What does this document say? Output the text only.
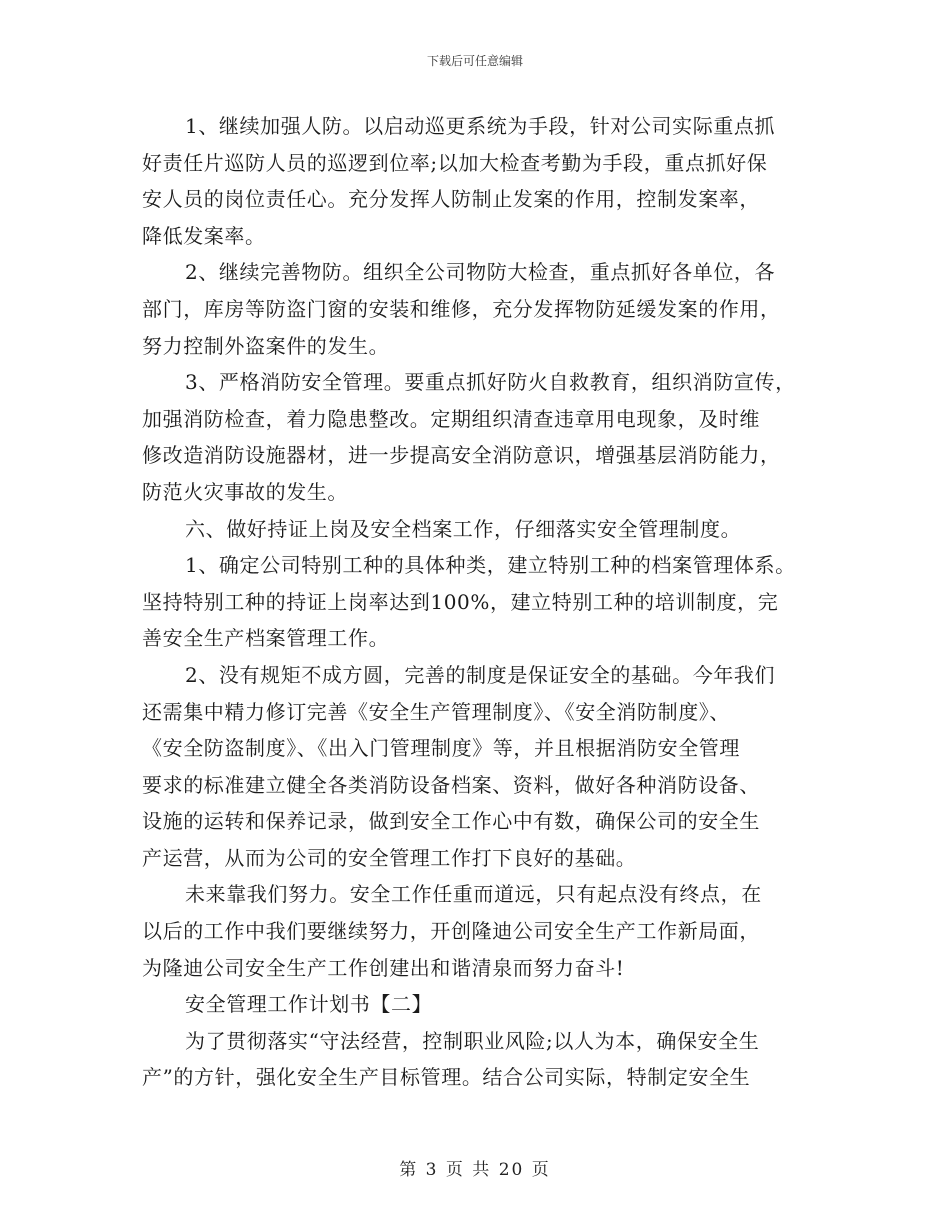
下载后可任意编辑
1、继续加强人防。以启动巡更系统为手段，针对公司实际重点抓
好责任片巡防人员的巡逻到位率;以加大检查考勤为手段，重点抓好保
安人员的岗位责任心。充分发挥人防制止发案的作用，控制发案率，
降低发案率。
2、继续完善物防。组织全公司物防大检查，重点抓好各单位，各
部门，库房等防盗门窗的安装和维修，充分发挥物防延缓发案的作用，
努力控制外盗案件的发生。
3、严格消防安全管理。要重点抓好防火自救教育，组织消防宣传，
加强消防检查，着力隐患整改。定期组织清查违章用电现象，及时维
修改造消防设施器材，进一步提高安全消防意识，增强基层消防能力，
防范火灾事故的发生。
六、做好持证上岗及安全档案工作，仔细落实安全管理制度。
1、确定公司特别工种的具体种类，建立特别工种的档案管理体系。
坚持特别工种的持证上岗率达到100%，建立特别工种的培训制度，完
善安全生产档案管理工作。
2、没有规矩不成方圆，完善的制度是保证安全的基础。今年我们
还需集中精力修订完善《安全生产管理制度》、《安全消防制度》、
《安全防盗制度》、《出入门管理制度》等，并且根据消防安全管理
要求的标准建立健全各类消防设备档案、资料，做好各种消防设备、
设施的运转和保养记录，做到安全工作心中有数，确保公司的安全生
产运营，从而为公司的安全管理工作打下良好的基础。
未来靠我们努力。安全工作任重而道远，只有起点没有终点，在
以后的工作中我们要继续努力，开创隆迪公司安全生产工作新局面，
为隆迪公司安全生产工作创建出和谐清泉而努力奋斗!
安全管理工作计划书【二】
为了贯彻落实“守法经营，控制职业风险;以人为本，确保安全生
产”的方针，强化安全生产目标管理。结合公司实际，特制定安全生
第 3 页 共 20 页
